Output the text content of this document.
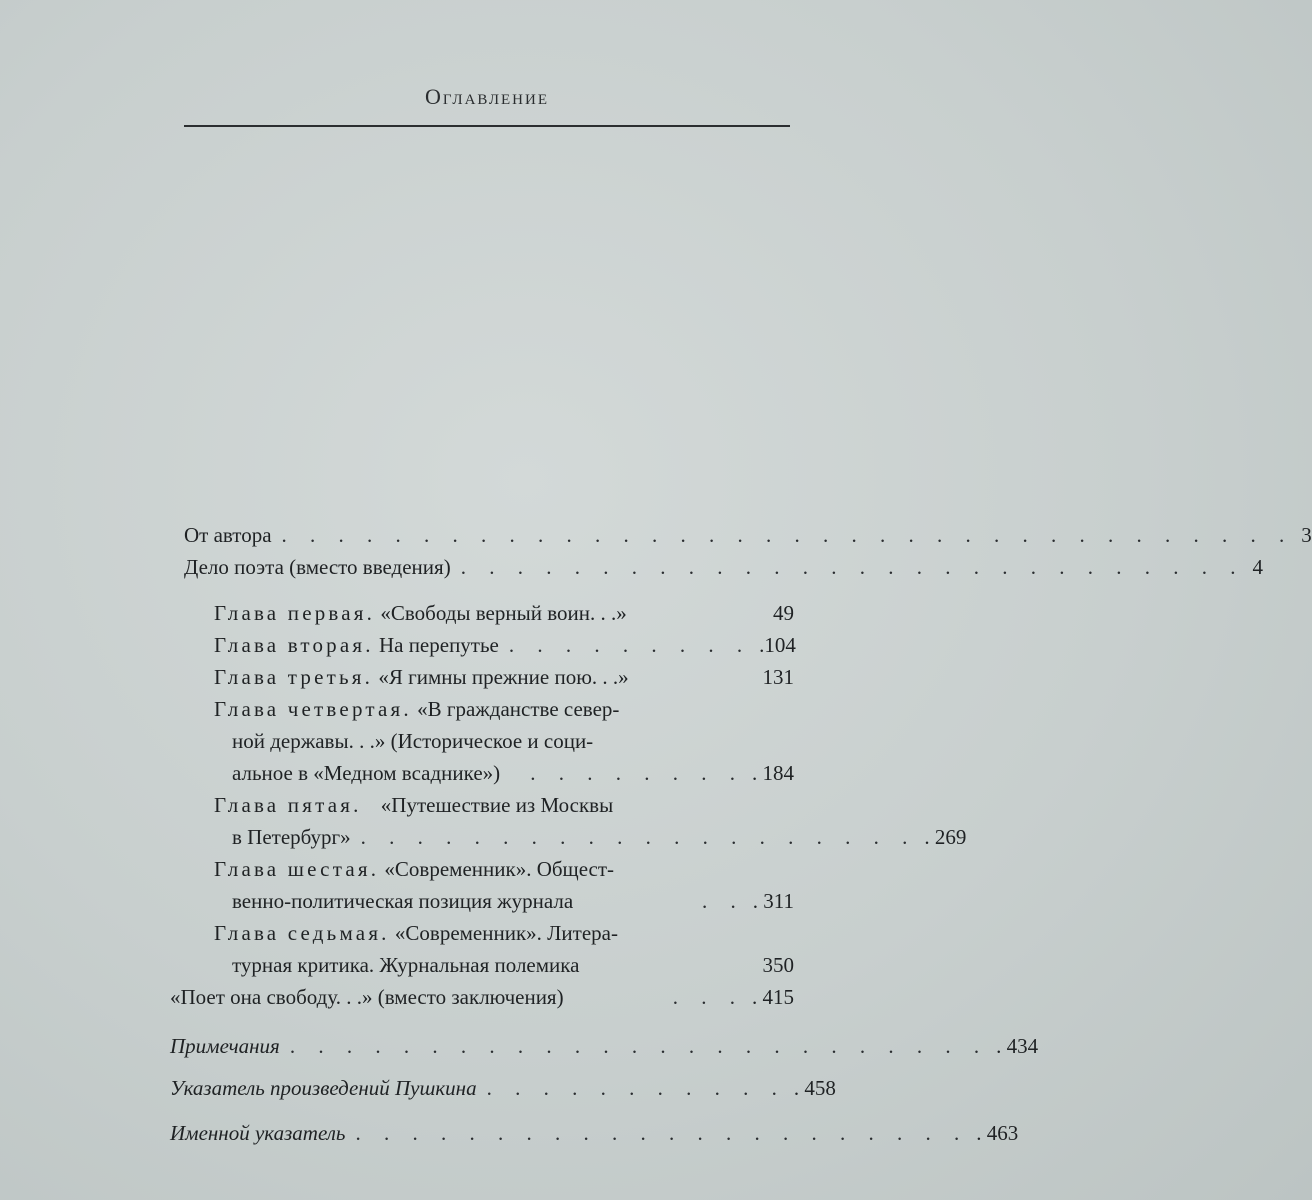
Оглавление
От автора . . . . . . . . . . . . . . . . . . . . . . . . . . . . . . . . . . . . 3
Дело поэта (вместо введения) . . . . . . . . . . . . . . . . . . . . . . . . . . . . 4
Глава первая. «Свободы верный воин. . .»	49
Глава вторая. На перепутье . . . . . . . . . .104
Глава третья. «Я гимны прежние пою. . .»	131
Глава четвертая. «В гражданстве север-
ной державы. . .» (Историческое и соци-
альное в «Медном всаднике»)	. . . . . . . . . 184
Глава пятая. «Путешествие из Москвы
в Петербург» . . . . . . . . . . . . . . . . . . . . . 269
Глава шестая. «Современник». Общест-
венно-политическая позиция журнала	. . . 311
Глава седьмая. «Современник». Литера-
турная критика. Журнальная полемика	350
«Поет она свободу. . .» (вместо заключения)	. . . . 415
Примечания . . . . . . . . . . . . . . . . . . . . . . . . . . 434
Указатель произведений Пушкина . . . . . . . . . . . . 458
Именной указатель . . . . . . . . . . . . . . . . . . . . . . . 463
